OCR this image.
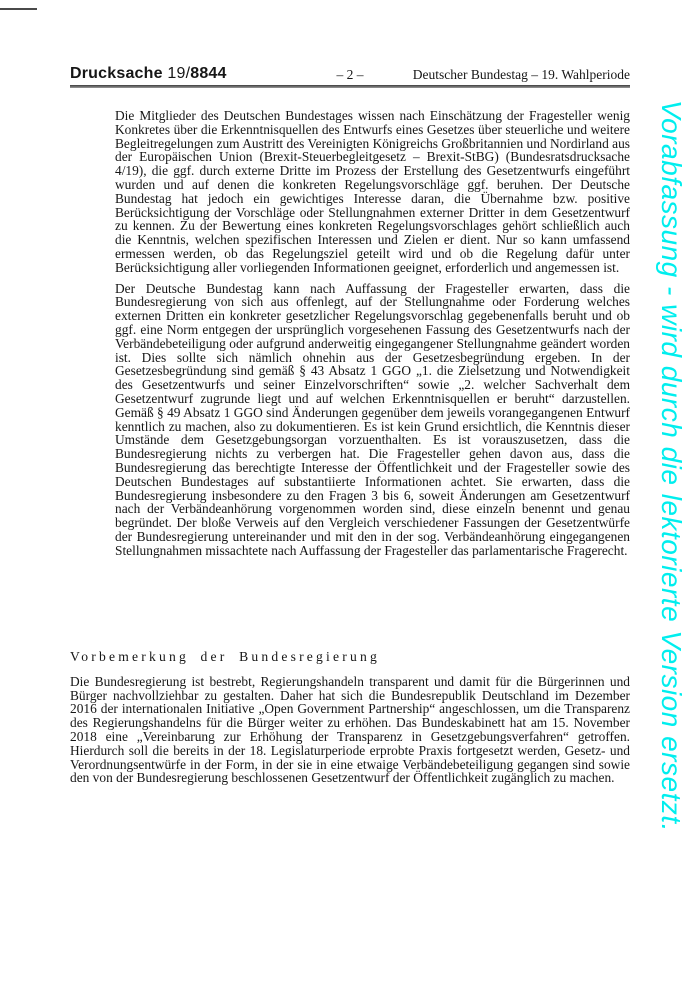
Drucksache 19/8844	– 2 –	Deutscher Bundestag – 19. Wahlperiode

Die Mitglieder des Deutschen Bundestages wissen nach Einschätzung der Fragesteller wenig Konkretes über die Erkenntnisquellen des Entwurfs eines Gesetzes über steuerliche und weitere Begleitregelungen zum Austritt des Vereinigten Königreichs Großbritannien und Nordirland aus der Europäischen Union (Brexit-Steuerbegleitgesetz – Brexit-StBG) (Bundesratsdrucksache 4/19), die ggf. durch externe Dritte im Prozess der Erstellung des Gesetzentwurfs eingeführt wurden und auf denen die konkreten Regelungsvorschläge ggf. beruhen. Der Deutsche Bundestag hat jedoch ein gewichtiges Interesse daran, die Übernahme bzw. positive Berücksichtigung der Vorschläge oder Stellungnahmen externer Dritter in dem Gesetzentwurf zu kennen. Zu der Bewertung eines konkreten Regelungsvorschlages gehört schließlich auch die Kenntnis, welchen spezifischen Interessen und Zielen er dient. Nur so kann umfassend ermessen werden, ob das Regelungsziel geteilt wird und ob die Regelung dafür unter Berücksichtigung aller vorliegenden Informationen geeignet, erforderlich und angemessen ist.

Der Deutsche Bundestag kann nach Auffassung der Fragesteller erwarten, dass die Bundesregierung von sich aus offenlegt, auf der Stellungnahme oder Forderung welches externen Dritten ein konkreter gesetzlicher Regelungsvorschlag gegebenenfalls beruht und ob ggf. eine Norm entgegen der ursprünglich vorgesehenen Fassung des Gesetzentwurfs nach der Verbändebeteiligung oder aufgrund anderweitig eingegangener Stellungnahme geändert worden ist. Dies sollte sich nämlich ohnehin aus der Gesetzesbegründung ergeben. In der Gesetzesbegründung sind gemäß § 43 Absatz 1 GGO „1. die Zielsetzung und Notwendigkeit des Gesetzentwurfs und seiner Einzelvorschriften“ sowie „2. welcher Sachverhalt dem Gesetzentwurf zugrunde liegt und auf welchen Erkenntnisquellen er beruht“ darzustellen. Gemäß § 49 Absatz 1 GGO sind Änderungen gegenüber dem jeweils vorangegangenen Entwurf kenntlich zu machen, also zu dokumentieren. Es ist kein Grund ersichtlich, die Kenntnis dieser Umstände dem Gesetzgebungsorgan vorzuenthalten. Es ist vorauszusetzen, dass die Bundesregierung nichts zu verbergen hat. Die Fragesteller gehen davon aus, dass die Bundesregierung das berechtigte Interesse der Öffentlichkeit und der Fragesteller sowie des Deutschen Bundestages auf substantiierte Informationen achtet. Sie erwarten, dass die Bundesregierung insbesondere zu den Fragen 3 bis 6, soweit Änderungen am Gesetzentwurf nach der Verbändeanhörung vorgenommen worden sind, diese einzeln benennt und genau begründet. Der bloße Verweis auf den Vergleich verschiedener Fassungen der Gesetzentwürfe der Bundesregierung untereinander und mit den in der sog. Verbändeanhörung eingegangenen Stellungnahmen missachtete nach Auffassung der Fragesteller das parlamentarische Fragerecht.

Vorbemerkung der Bundesregierung

Die Bundesregierung ist bestrebt, Regierungshandeln transparent und damit für die Bürgerinnen und Bürger nachvollziehbar zu gestalten. Daher hat sich die Bundesrepublik Deutschland im Dezember 2016 der internationalen Initiative „Open Government Partnership“ angeschlossen, um die Transparenz des Regierungshandelns für die Bürger weiter zu erhöhen. Das Bundeskabinett hat am 15. November 2018 eine „Vereinbarung zur Erhöhung der Transparenz in Gesetzgebungsverfahren“ getroffen. Hierdurch soll die bereits in der 18. Legislaturperiode erprobte Praxis fortgesetzt werden, Gesetz- und Verordnungsentwürfe in der Form, in der sie in eine etwaige Verbändebeteiligung gegangen sind sowie den von der Bundesregierung beschlossenen Gesetzentwurf der Öffentlichkeit zugänglich zu machen.	Vorabfassung - wird durch die lektorierte Version ersetzt.
